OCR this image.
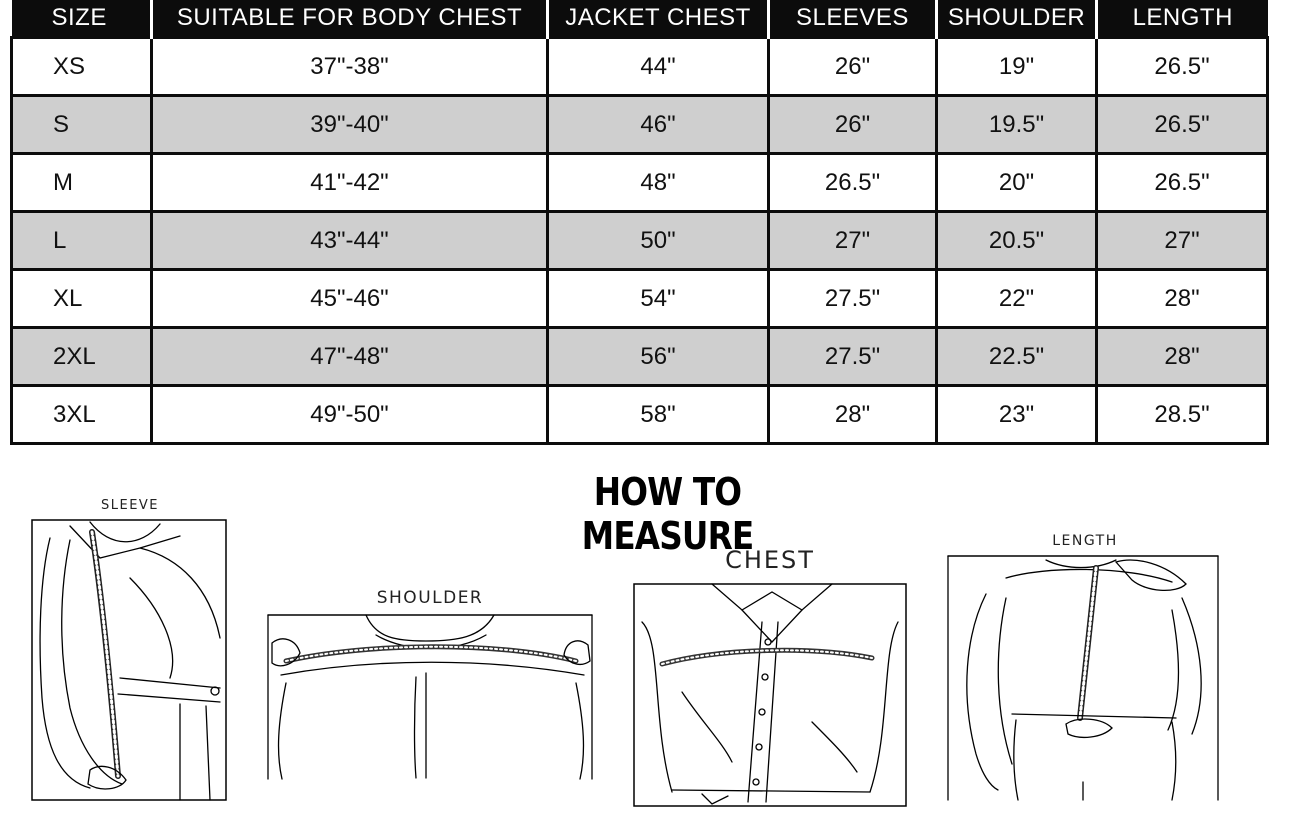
SIZE	SUITABLE FOR BODY CHEST	JACKET CHEST	SLEEVES	SHOULDER	LENGTH
XS	37"-38"	44"	26"	19"	26.5"
S	39"-40"	46"	26"	19.5"	26.5"
M	41"-42"	48"	26.5"	20"	26.5"
L	43"-44"	50"	27"	20.5"	27"
XL	45"-46"	54"	27.5"	22"	28"
2XL	47"-48"	56"	27.5"	22.5"	28"
3XL	49"-50"	58"	28"	23"	28.5"
HOW TO MEASURE
SLEEVE
SHOULDER
CHEST
LENGTH
